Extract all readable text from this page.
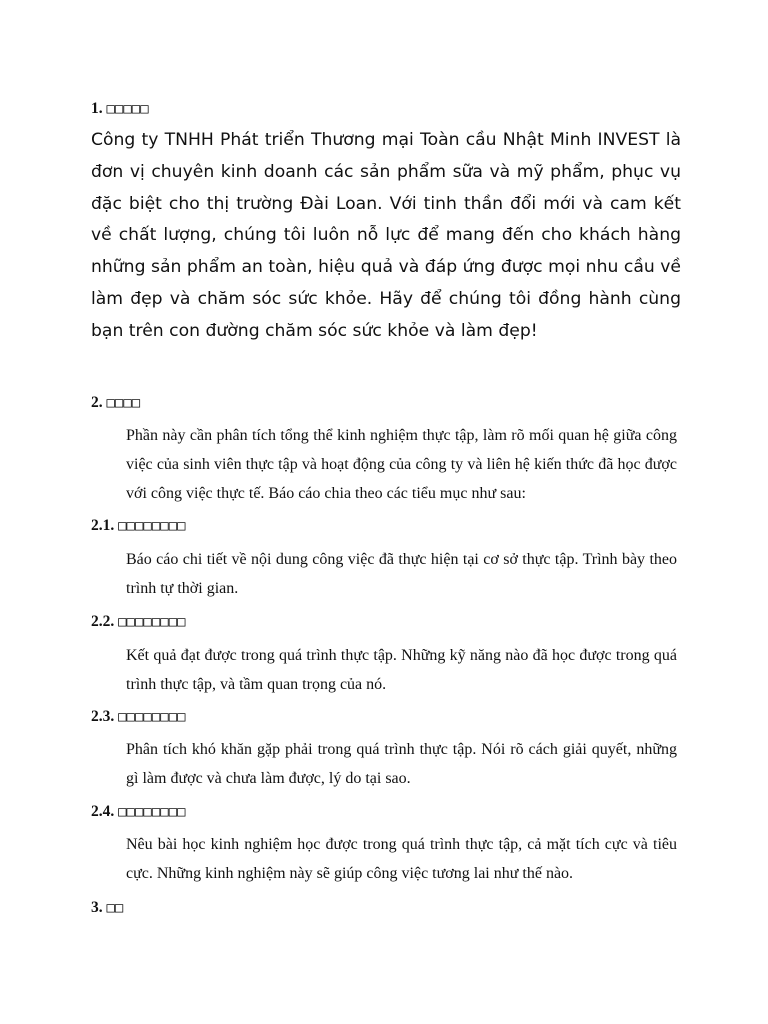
1. □□□□□
Công ty TNHH Phát triển Thương mại Toàn cầu Nhật Minh INVEST là đơn vị chuyên kinh doanh các sản phẩm sữa và mỹ phẩm, phục vụ đặc biệt cho thị trường Đài Loan. Với tinh thần đổi mới và cam kết về chất lượng, chúng tôi luôn nỗ lực để mang đến cho khách hàng những sản phẩm an toàn, hiệu quả và đáp ứng được mọi nhu cầu về làm đẹp và chăm sóc sức khỏe. Hãy để chúng tôi đồng hành cùng bạn trên con đường chăm sóc sức khỏe và làm đẹp!
2. □□□□
Phần này cần phân tích tổng thể kinh nghiệm thực tập, làm rõ mối quan hệ giữa công việc của sinh viên thực tập và hoạt động của công ty và liên hệ kiến thức đã học được với công việc thực tế. Báo cáo chia theo các tiểu mục như sau:
2.1. □□□□□□□□
Báo cáo chi tiết về nội dung công việc đã thực hiện tại cơ sở thực tập. Trình bày theo trình tự thời gian.
2.2. □□□□□□□□
Kết quả đạt được trong quá trình thực tập. Những kỹ năng nào đã học được trong quá trình thực tập, và tầm quan trọng của nó.
2.3. □□□□□□□□
Phân tích khó khăn gặp phải trong quá trình thực tập. Nói rõ cách giải quyết, những gì làm được và chưa làm được, lý do tại sao.
2.4. □□□□□□□□
Nêu bài học kinh nghiệm học được trong quá trình thực tập, cả mặt tích cực và tiêu cực. Những kinh nghiệm này sẽ giúp công việc tương lai như thế nào.
3. □□
